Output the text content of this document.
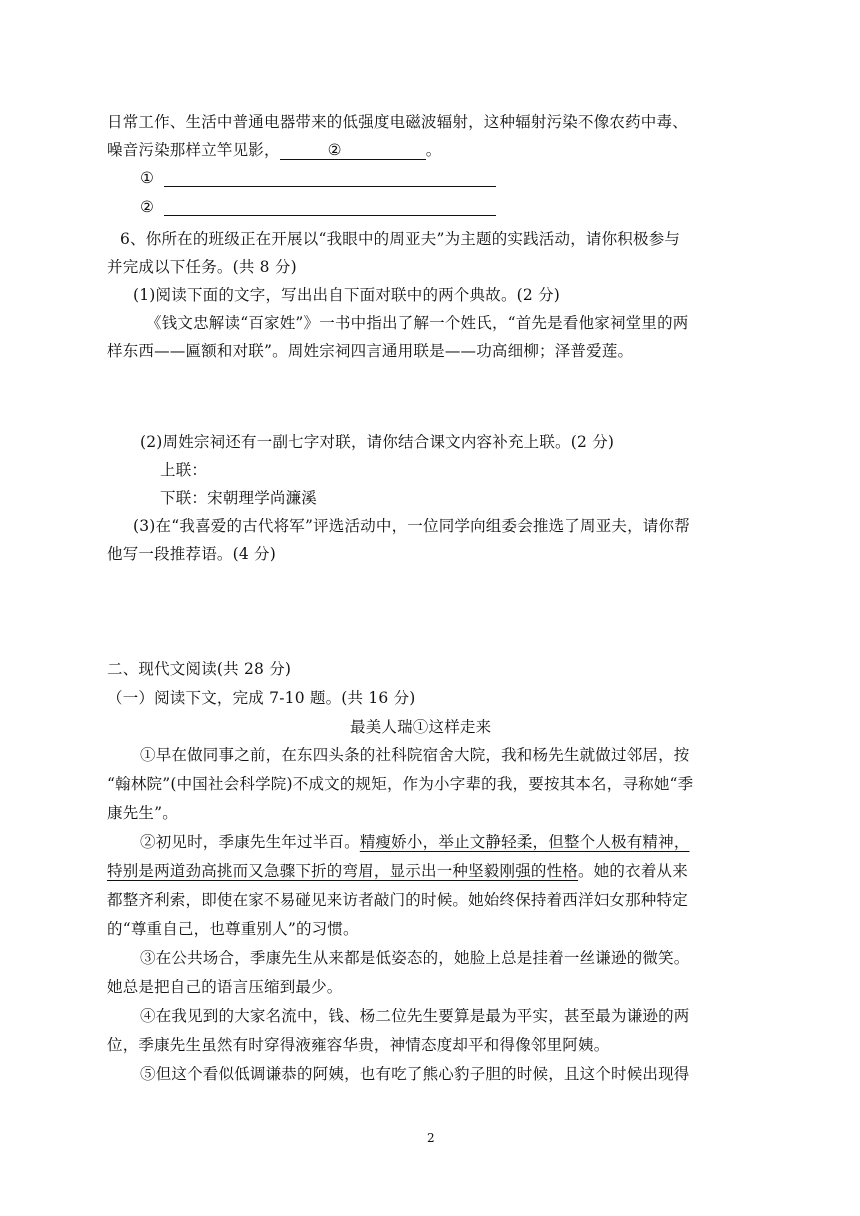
日常工作、生活中普通电器带来的低强度电磁波辐射，这种辐射污染不像农药中毒、
噪音污染那样立竿见影，	②	。
①
②
6、你所在的班级正在开展以“我眼中的周亚夫”为主题的实践活动，请你积极参与
并完成以下任务。(共 8 分)
(1)阅读下面的文字，写出出自下面对联中的两个典故。(2 分)
《钱文忠解读“百家姓”》一书中指出了解一个姓氏，“首先是看他家祠堂里的两
样东西——匾额和对联”。周姓宗祠四言通用联是——功高细柳；泽普爱莲。
(2)周姓宗祠还有一副七字对联，请你结合课文内容补充上联。(2 分)
上联：
下联：宋朝理学尚濂溪
(3)在“我喜爱的古代将军”评选活动中，一位同学向组委会推选了周亚夫，请你帮
他写一段推荐语。(4 分)
二、现代文阅读(共 28 分)
（一）阅读下文，完成 7-10 题。(共 16 分)
最美人瑞①这样走来
①早在做同事之前，在东四头条的社科院宿舍大院，我和杨先生就做过邻居，按
“翰林院”(中国社会科学院)不成文的规矩，作为小字辈的我，要按其本名，寻称她“季
康先生”。
②初见时，季康先生年过半百。精瘦娇小，举止文静轻柔，但整个人极有精神，
特别是两道劲高挑而又急骤下折的弯眉，显示出一种坚毅刚强的性格。她的衣着从来
都整齐利索，即使在家不易碰见来访者敲门的时候。她始终保持着西洋妇女那种特定
的“尊重自己，也尊重别人”的习惯。
③在公共场合，季康先生从来都是低姿态的，她脸上总是挂着一丝谦逊的微笑。
她总是把自己的语言压缩到最少。
④在我见到的大家名流中，钱、杨二位先生要算是最为平实，甚至最为谦逊的两
位，季康先生虽然有时穿得液雍容华贵，神情态度却平和得像邻里阿姨。
⑤但这个看似低调谦恭的阿姨，也有吃了熊心豹子胆的时候，且这个时候出现得
2
